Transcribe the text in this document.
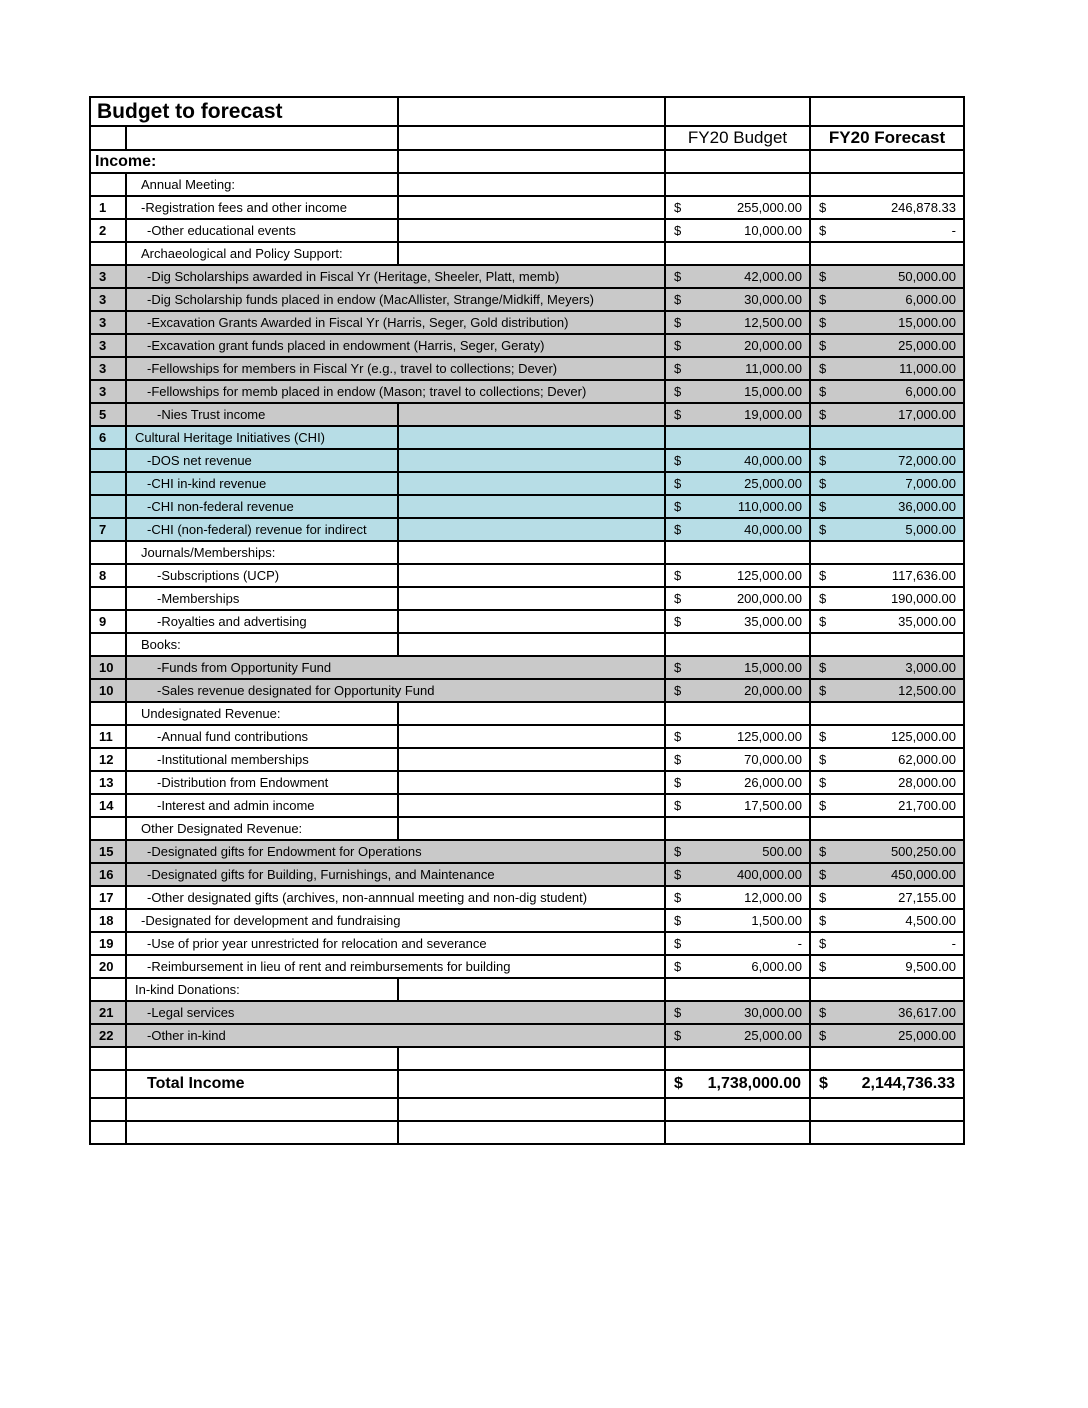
Budget to forecast				
			FY20 Budget	FY20 Forecast
Income:				
	Annual Meeting:			
1	-Registration fees and other income		$ 255,000.00	$ 246,878.33

2	-Other educational events		$ 10,000.00	$ -

	Archaeological and Policy Support:			
3	-Dig Scholarships awarded in Fiscal Yr (Heritage, Sheeler, Platt, memb)		$ 42,000.00	$ 50,000.00

3	-Dig Scholarship funds placed in endow (MacAllister, Strange/Midkiff, Meyers)		$ 30,000.00	$ 6,000.00

3	-Excavation Grants Awarded in Fiscal Yr (Harris, Seger, Gold distribution)		$ 12,500.00	$ 15,000.00

3	-Excavation grant funds placed in endowment (Harris, Seger, Geraty)		$ 20,000.00	$ 25,000.00

3	-Fellowships for members in Fiscal Yr (e.g., travel to collections; Dever)		$ 11,000.00	$ 11,000.00

3	-Fellowships for memb placed in endow (Mason; travel to collections; Dever)		$ 15,000.00	$ 6,000.00

5	-Nies Trust income		$ 19,000.00	$ 17,000.00

6	Cultural Heritage Initiatives (CHI)			
	-DOS net revenue		$ 40,000.00	$ 72,000.00

	-CHI in-kind revenue		$ 25,000.00	$ 7,000.00

	-CHI non-federal revenue		$ 110,000.00	$ 36,000.00

7	-CHI (non-federal) revenue for indirect		$ 40,000.00	$ 5,000.00

	Journals/Memberships:			
8	-Subscriptions (UCP)		$ 125,000.00	$ 117,636.00

	-Memberships		$ 200,000.00	$ 190,000.00

9	-Royalties and advertising		$ 35,000.00	$ 35,000.00

	Books:			
10	-Funds from Opportunity Fund		$ 15,000.00	$ 3,000.00

10	-Sales revenue designated for Opportunity Fund		$ 20,000.00	$ 12,500.00

	Undesignated Revenue:			
11	-Annual fund contributions		$ 125,000.00	$ 125,000.00

12	-Institutional memberships		$ 70,000.00	$ 62,000.00

13	-Distribution from Endowment		$ 26,000.00	$ 28,000.00

14	-Interest and admin income		$ 17,500.00	$ 21,700.00

	Other Designated Revenue:			
15	-Designated gifts for Endowment for Operations		$ 500.00	$ 500,250.00

16	-Designated gifts for Building, Furnishings, and Maintenance		$ 400,000.00	$ 450,000.00

17	-Other designated gifts (archives, non-annnual meeting and non-dig student)		$ 12,000.00	$ 27,155.00

18	-Designated for development and fundraising		$ 1,500.00	$ 4,500.00

19	-Use of prior year unrestricted for relocation and severance		$ -	$ -

20	-Reimbursement in lieu of rent and reimbursements for building		$ 6,000.00	$ 9,500.00

	In-kind Donations:			
21	-Legal services		$ 30,000.00	$ 36,617.00

22	-Other in-kind		$ 25,000.00	$ 25,000.00

	Total Income		$ 1,738,000.00	$ 2,144,736.33
